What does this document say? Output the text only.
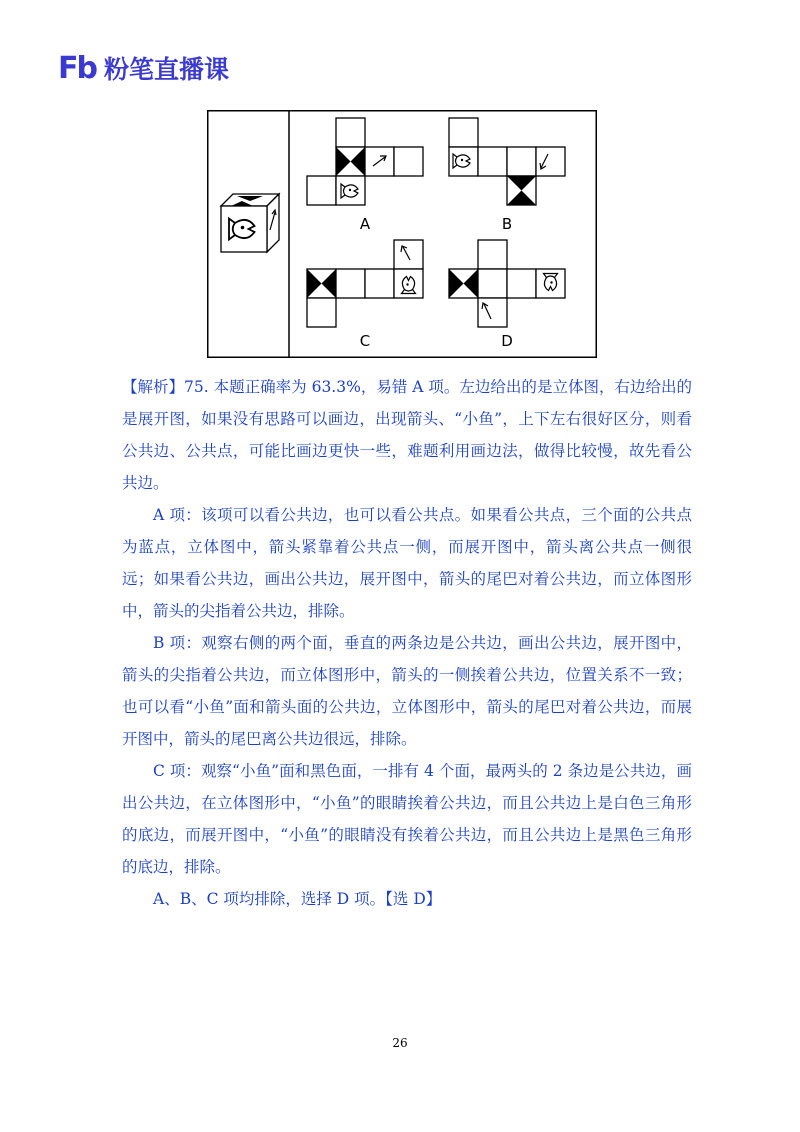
Fb 粉笔直播课
A	B
C	D

【解析】75. 本题正确率为 63.3%，易错 A 项。左边给出的是立体图，右边给出的是展开图，如果没有思路可以画边，出现箭头、“小鱼”，上下左右很好区分，则看公共边、公共点，可能比画边更快一些，难题利用画边法，做得比较慢，故先看公共边。

A 项：该项可以看公共边，也可以看公共点。如果看公共点，三个面的公共点为蓝点，立体图中，箭头紧靠着公共点一侧，而展开图中，箭头离公共点一侧很远；如果看公共边，画出公共边，展开图中，箭头的尾巴对着公共边，而立体图形中，箭头的尖指着公共边，排除。

B 项：观察右侧的两个面，垂直的两条边是公共边，画出公共边，展开图中，箭头的尖指着公共边，而立体图形中，箭头的一侧挨着公共边，位置关系不一致；也可以看“小鱼”面和箭头面的公共边，立体图形中，箭头的尾巴对着公共边，而展开图中，箭头的尾巴离公共边很远，排除。

C 项：观察“小鱼”面和黑色面，一排有 4 个面，最两头的 2 条边是公共边，画出公共边，在立体图形中，“小鱼”的眼睛挨着公共边，而且公共边上是白色三角形的底边，而展开图中，“小鱼”的眼睛没有挨着公共边，而且公共边上是黑色三角形的底边，排除。

A、B、C 项均排除，选择 D 项。【选 D】

26
